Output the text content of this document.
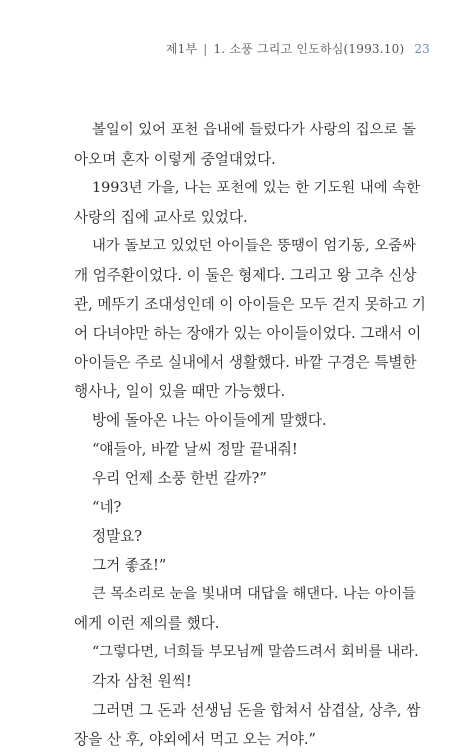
제1부 | 1. 소풍 그리고 인도하심(1993.10) 23
볼일이 있어 포천 읍내에 들렀다가 사랑의 집으로 돌
아오며 혼자 이렇게 중얼대었다.
1993년 가을, 나는 포천에 있는 한 기도원 내에 속한
사랑의 집에 교사로 있었다.
내가 돌보고 있었던 아이들은 뚱땡이 엄기동, 오줌싸
개 엄주환이었다. 이 둘은 형제다. 그리고 왕 고추 신상
관, 메뚜기 조대성인데 이 아이들은 모두 걷지 못하고 기
어 다녀야만 하는 장애가 있는 아이들이었다. 그래서 이
아이들은 주로 실내에서 생활했다. 바깥 구경은 특별한
행사나, 일이 있을 때만 가능했다.
방에 돌아온 나는 아이들에게 말했다.
“얘들아, 바깥 날씨 정말 끝내줘!
우리 언제 소풍 한번 갈까?”
“네?
정말요?
그거 좋죠!”
큰 목소리로 눈을 빛내며 대답을 해댄다. 나는 아이들
에게 이런 제의를 했다.
“그렇다면, 너희들 부모님께 말씀드려서 회비를 내라.
각자 삼천 원씩!
그러면 그 돈과 선생님 돈을 합쳐서 삼겹살, 상추, 쌈
장을 산 후, 야외에서 먹고 오는 거야.”
